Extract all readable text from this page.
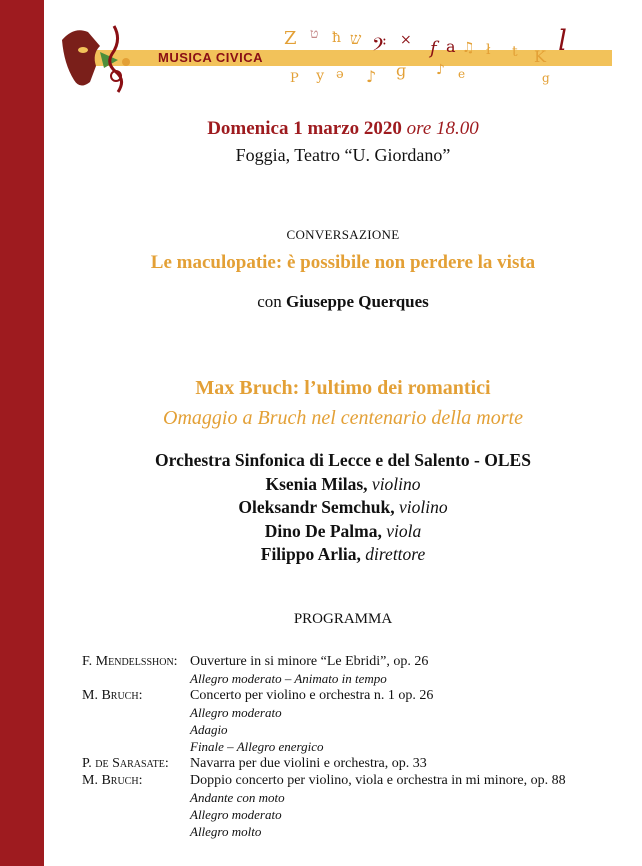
MUSICA CIVICA
Z ט ħ ש 𝄢 × f a ♫ ł t K l
Ρ у ǝ ♪ ɡ ♪ e	g
Domenica 1 marzo 2020 ore 18.00
Foggia, Teatro “U. Giordano”
CONVERSAZIONE
Le maculopatie: è possibile non perdere la vista
con Giuseppe Querques
Max Bruch: l’ultimo dei romantici
Omaggio a Bruch nel centenario della morte
Orchestra Sinfonica di Lecce e del Salento - OLES
Ksenia Milas, violino
Oleksandr Semchuk, violino
Dino De Palma, viola
Filippo Arlia, direttore
PROGRAMMA
F. Mendelsshon: Ouverture in si minore “Le Ebridi”, op. 26
Allegro moderato – Animato in tempo
M. Bruch:	Concerto per violino e orchestra n. 1 op. 26
Allegro moderato
Adagio
Finale – Allegro energico
P. de Sarasate:	Navarra per due violini e orchestra, op. 33
M. Bruch:	Doppio concerto per violino, viola e orchestra in mi minore, op. 88
Andante con moto
Allegro moderato
Allegro molto
